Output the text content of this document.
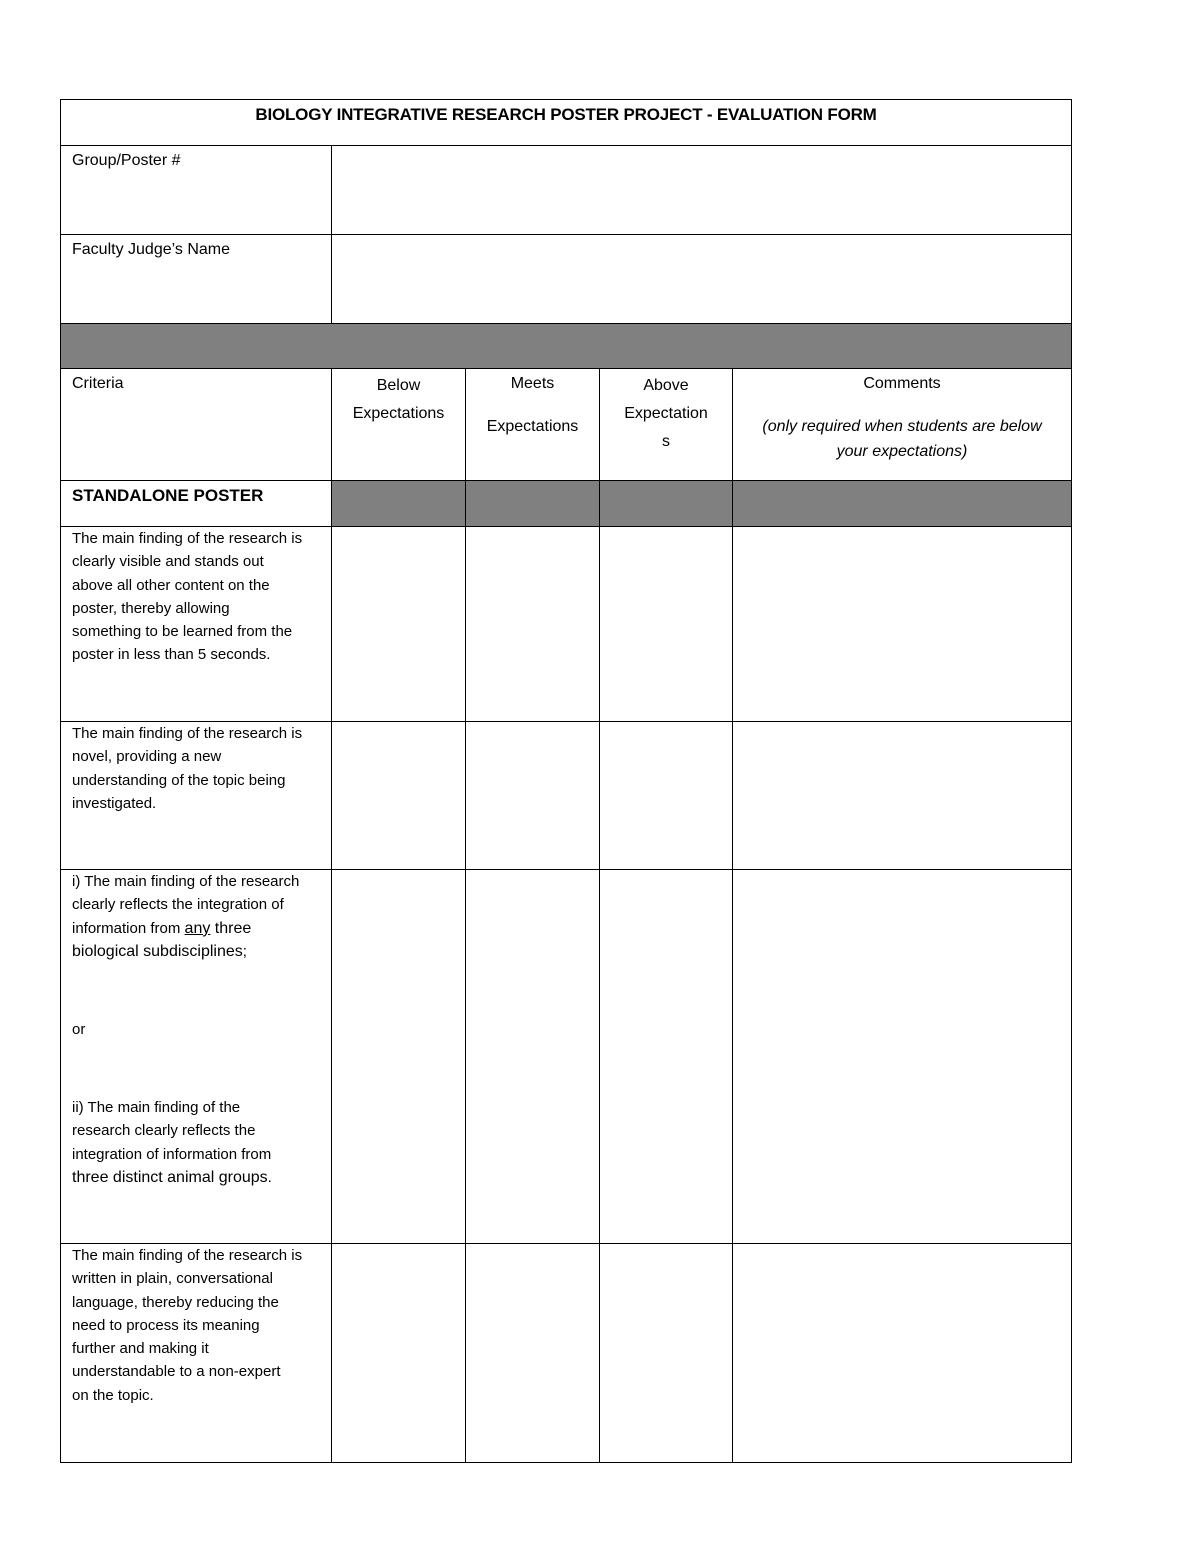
BIOLOGY INTEGRATIVE RESEARCH POSTER PROJECT - EVALUATION FORM
Group/Poster #
Faculty Judge’s Name
Criteria	Below
Expectations
Meets
Expectations
Above
Expectation
s
Comments
(only required when students are below
your expectations)
STANDALONE POSTER
The main finding of the research is
clearly visible and stands out
above all other content on the
poster, thereby allowing
something to be learned from the
poster in less than 5 seconds.
The main finding of the research is
novel, providing a new
understanding of the topic being
investigated.
i) The main finding of the research
clearly reflects the integration of
information from any three
biological subdisciplines;
or
ii) The main finding of the
research clearly reflects the
integration of information from
three distinct animal groups.
The main finding of the research is
written in plain, conversational
language, thereby reducing the
need to process its meaning
further and making it
understandable to a non-expert
on the topic.
